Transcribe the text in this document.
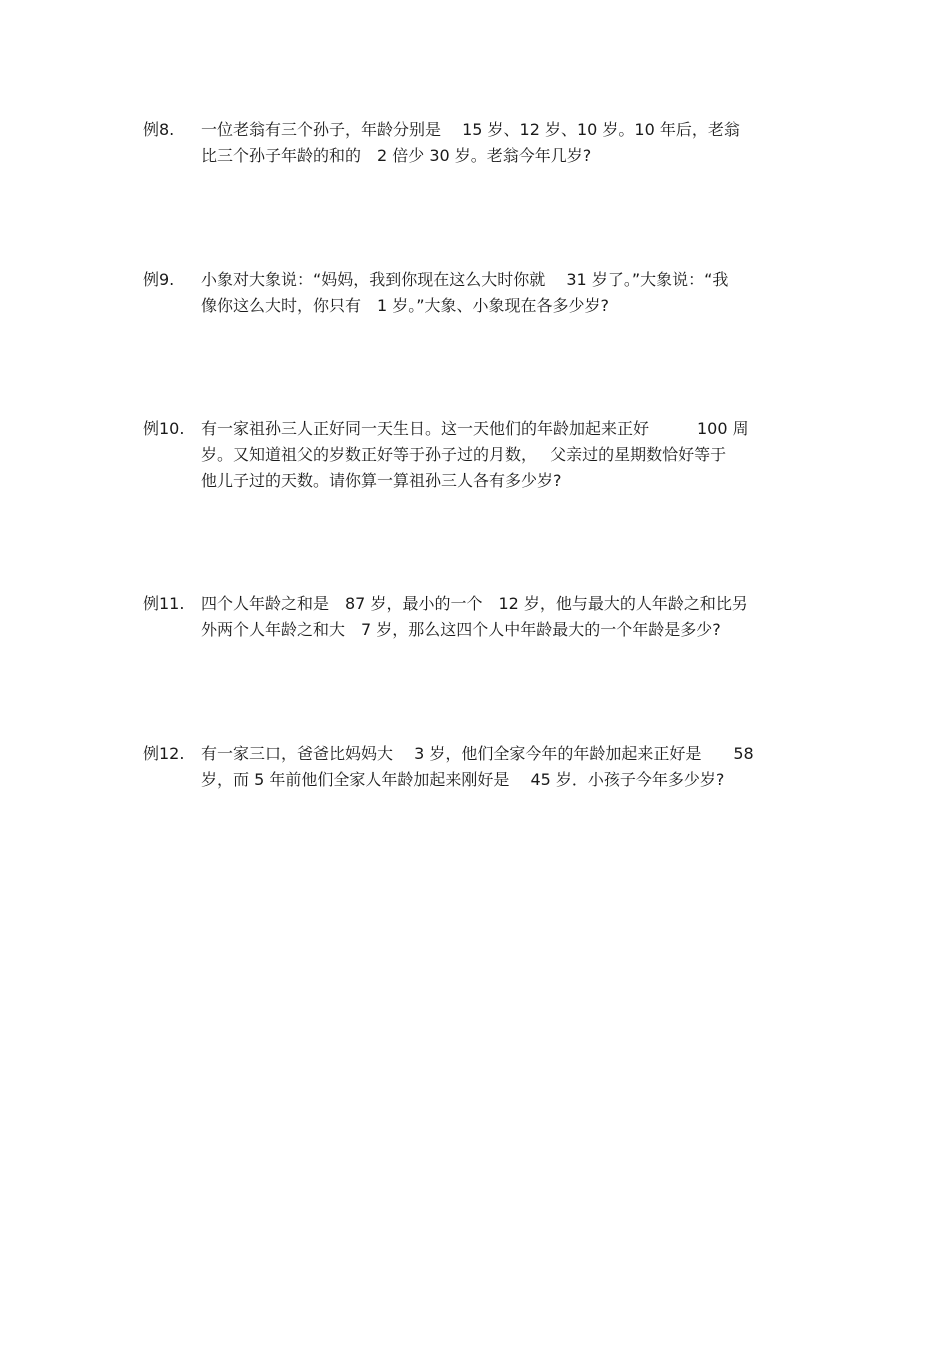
例8.	一位老翁有三个孙子，年龄分别是　 15 岁、12 岁、10 岁。10 年后，老翁
比三个孙子年龄的和的　2 倍少 30 岁。老翁今年几岁?
例9.	小象对大象说：“妈妈，我到你现在这么大时你就　 31 岁了。”大象说：“我
像你这么大时，你只有　1 岁。”大象、小象现在各多少岁?
例10.	有一家祖孙三人正好同一天生日。这一天他们的年龄加起来正好　　　100 周
岁。又知道祖父的岁数正好等于孙子过的月数，　 父亲过的星期数恰好等于
他儿子过的天数。请你算一算祖孙三人各有多少岁?
例11.	四个人年龄之和是　87 岁，最小的一个　12 岁，他与最大的人年龄之和比另
外两个人年龄之和大　7 岁，那么这四个人中年龄最大的一个年龄是多少?
例12.	有一家三口，爸爸比妈妈大　 3 岁，他们全家今年的年龄加起来正好是　　58
岁，而 5 年前他们全家人年龄加起来刚好是　 45 岁．小孩子今年多少岁?
